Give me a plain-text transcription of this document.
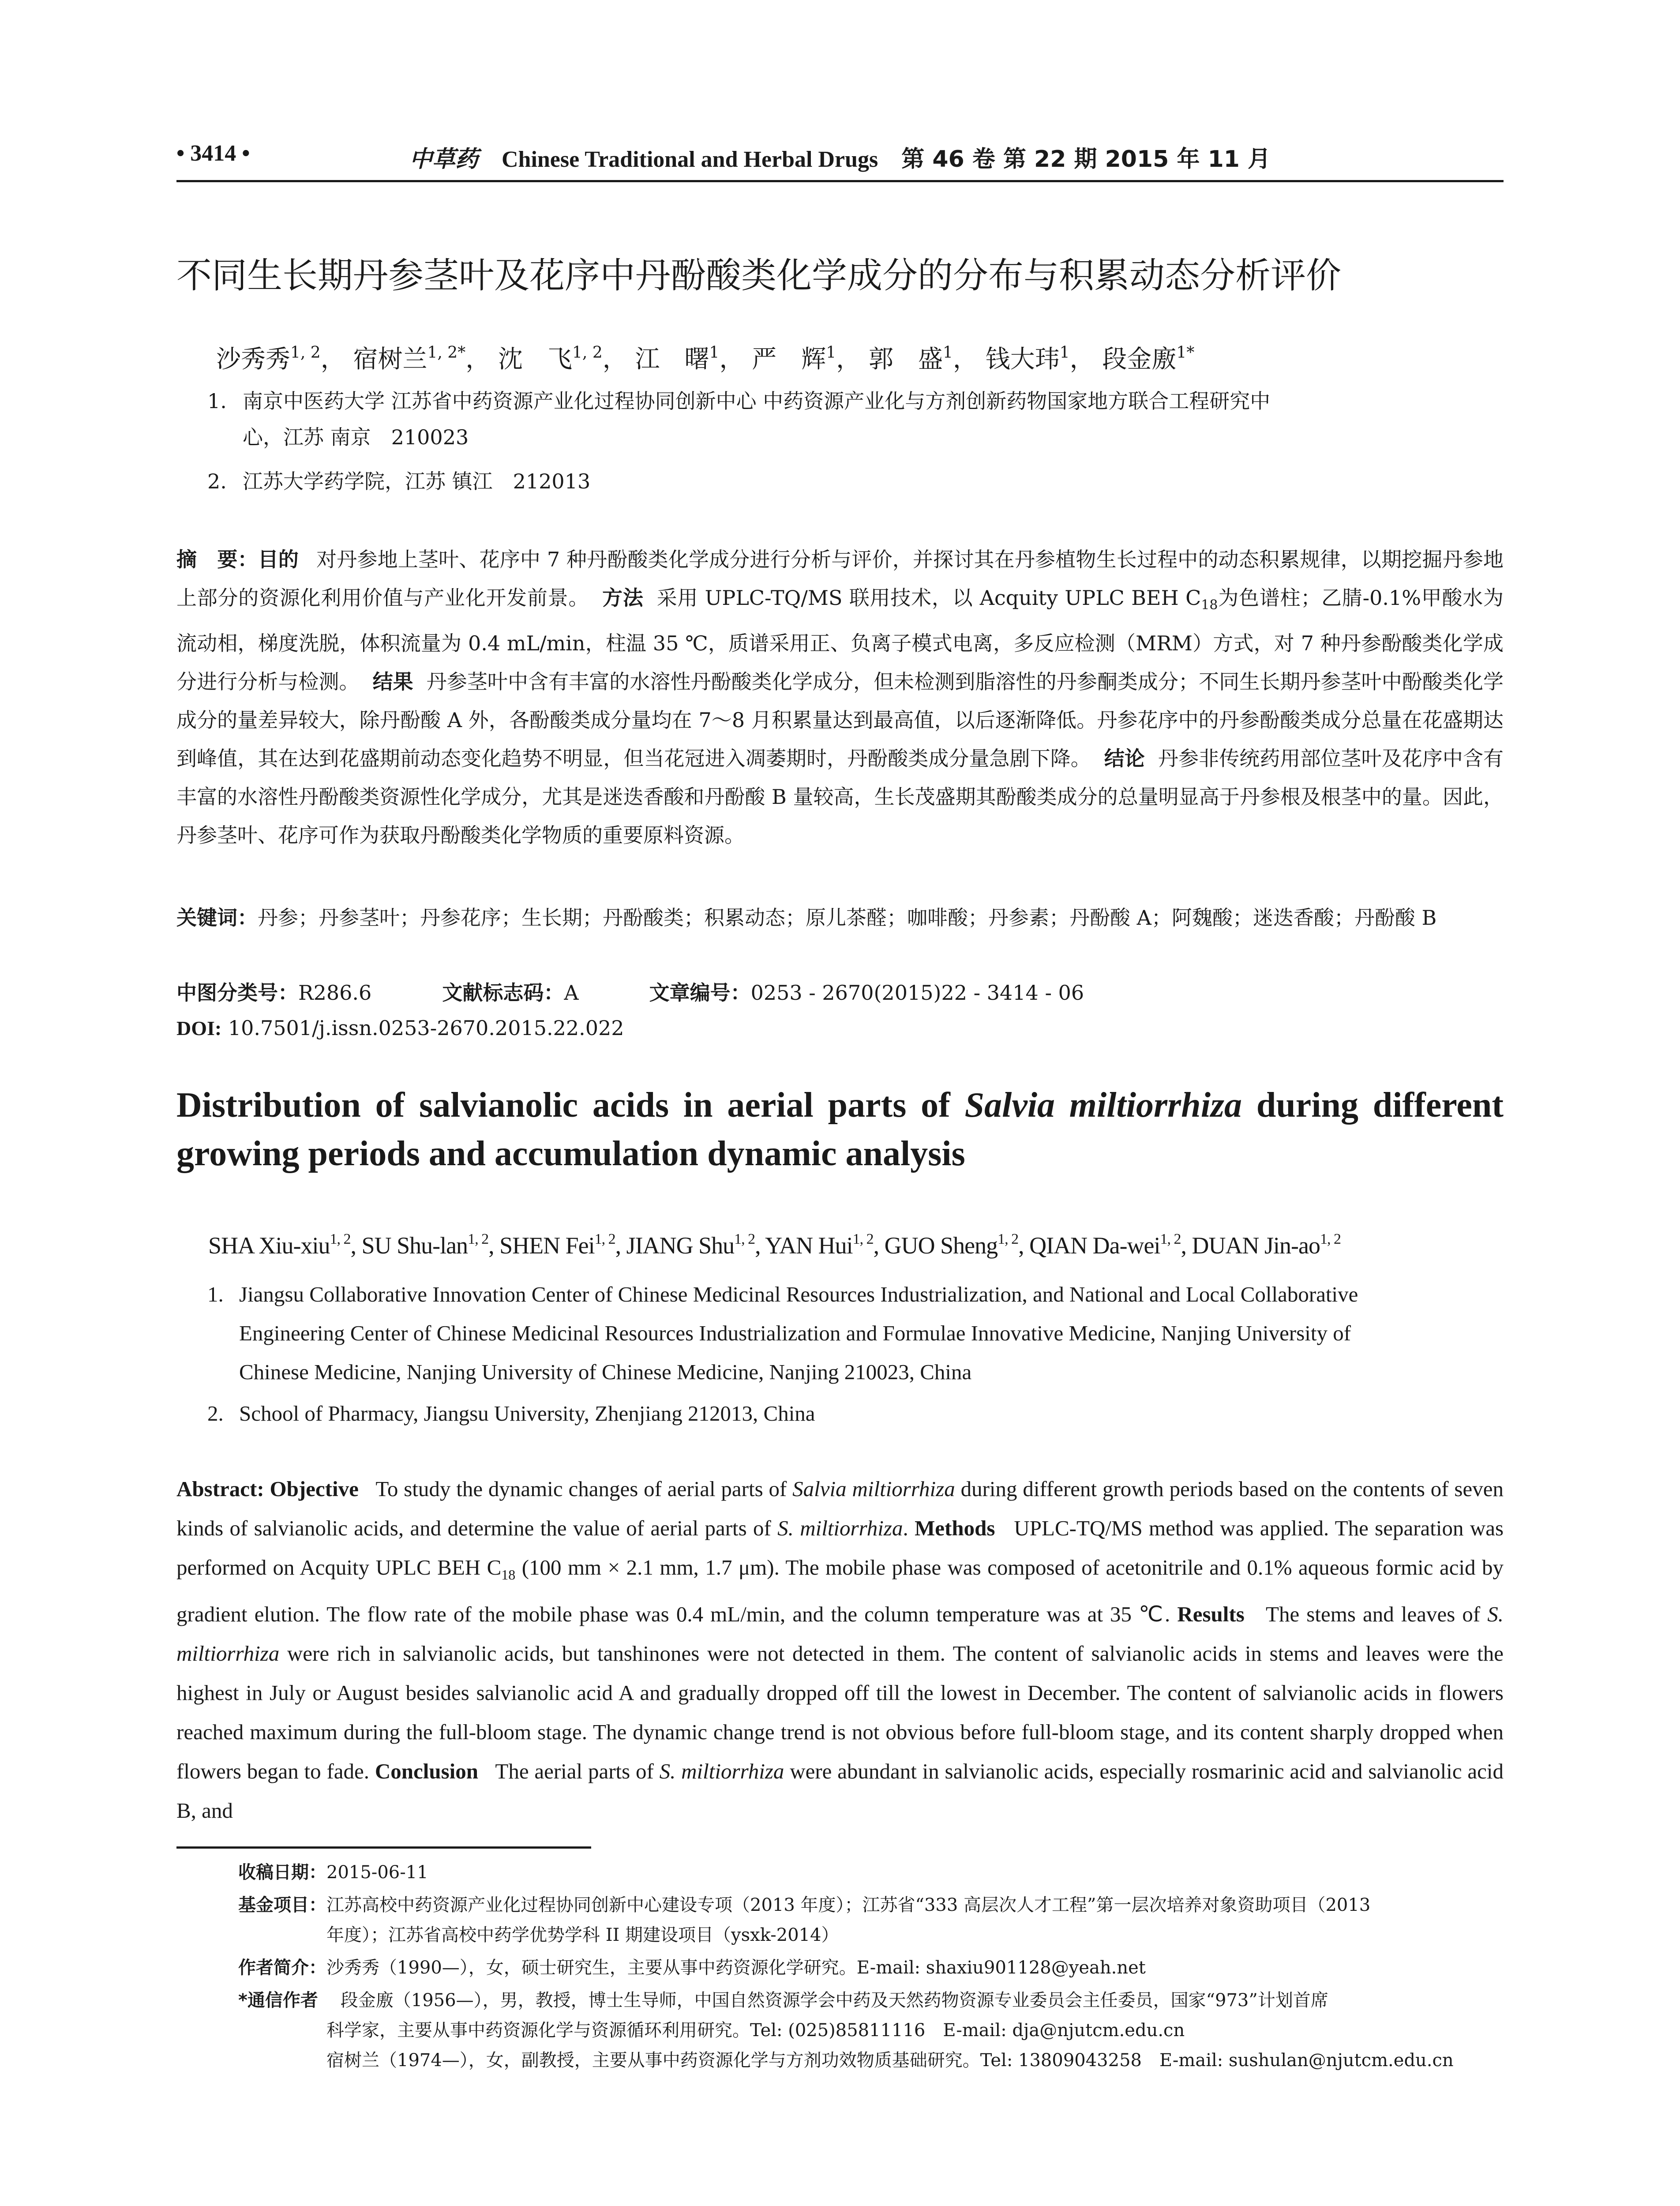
• 3414 •	中草药 Chinese Traditional and Herbal Drugs 第 46 卷 第 22 期 2015 年 11 月
不同生长期丹参茎叶及花序中丹酚酸类化学成分的分布与积累动态分析评价
沙秀秀$^{1, 2}$， 宿树兰$^{1, 2*}$， 沈　飞$^{1, 2}$， 江　曙$^1$， 严　辉$^1$， 郭　盛$^1$， 钱大玮$^1$， 段金廒$^{1*}$
1. 南京中医药大学 江苏省中药资源产业化过程协同创新中心 中药资源产业化与方剂创新药物国家地方联合工程研究中
心，江苏 南京　210023
2. 江苏大学药学院，江苏 镇江　212013
摘　要：目的 对丹参地上茎叶、花序中 7 种丹酚酸类化学成分进行分析与评价，并探讨其在丹参植物生长过程中的动态积累规律，以期挖掘丹参地上部分的资源化利用价值与产业化开发前景。 方法 采用 UPLC-TQ/MS 联用技术，以 Acquity UPLC BEH $C_{18}$为色谱柱；乙腈-0.1%甲酸水为流动相，梯度洗脱，体积流量为 0.4 mL/min，柱温 35 ℃，质谱采用正、负离子模式电离，多反应检测（MRM）方式，对 7 种丹参酚酸类化学成分进行分析与检测。 结果 丹参茎叶中含有丰富的水溶性丹酚酸类化学成分，但未检测到脂溶性的丹参酮类成分；不同生长期丹参茎叶中酚酸类化学成分的量差异较大，除丹酚酸 A 外，各酚酸类成分量均在 7～8 月积累量达到最高值，以后逐渐降低。丹参花序中的丹参酚酸类成分总量在花盛期达到峰值，其在达到花盛期前动态变化趋势不明显，但当花冠进入凋萎期时，丹酚酸类成分量急剧下降。 结论 丹参非传统药用部位茎叶及花序中含有丰富的水溶性丹酚酸类资源性化学成分，尤其是迷迭香酸和丹酚酸 B 量较高，生长茂盛期其酚酸类成分的总量明显高于丹参根及根茎中的量。因此，丹参茎叶、花序可作为获取丹酚酸类化学物质的重要原料资源。
关键词：丹参；丹参茎叶；丹参花序；生长期；丹酚酸类；积累动态；原儿茶醛；咖啡酸；丹参素；丹酚酸 A；阿魏酸；迷迭香酸；丹酚酸 B
中图分类号：R286.6	文献标志码：A	文章编号：0253 - 2670(2015)22 - 3414 - 06
DOI: 10.7501/j.issn.0253-2670.2015.22.022
Distribution of salvianolic acids in aerial parts of Salvia miltiorrhiza during different growing periods and accumulation dynamic analysis
SHA Xiu-xiu$^{1, 2}$, SU Shu-lan$^{1, 2}$, SHEN Fei$^{1, 2}$, JIANG Shu$^{1, 2}$, YAN Hui$^{1, 2}$, GUO Sheng$^{1, 2}$, QIAN Da-wei$^{1, 2}$, DUAN Jin-ao$^{1, 2}$
1. Jiangsu Collaborative Innovation Center of Chinese Medicinal Resources Industrialization, and National and Local Collaborative
Engineering Center of Chinese Medicinal Resources Industrialization and Formulae Innovative Medicine, Nanjing University of
Chinese Medicine, Nanjing University of Chinese Medicine, Nanjing 210023, China
2. School of Pharmacy, Jiangsu University, Zhenjiang 212013, China
Abstract: Objective To study the dynamic changes of aerial parts of Salvia miltiorrhiza during different growth periods based on the contents of seven kinds of salvianolic acids, and determine the value of aerial parts of S. miltiorrhiza. Methods UPLC-TQ/MS method was applied. The separation was performed on Acquity UPLC BEH $C_{18}$ (100 mm × 2.1 mm, 1.7 μm). The mobile phase was composed of acetonitrile and 0.1% aqueous formic acid by gradient elution. The flow rate of the mobile phase was 0.4 mL/min, and the column temperature was at 35 ℃. Results The stems and leaves of S. miltiorrhiza were rich in salvianolic acids, but tanshinones were not detected in them. The content of salvianolic acids in stems and leaves were the highest in July or August besides salvianolic acid A and gradually dropped off till the lowest in December. The content of salvianolic acids in flowers reached maximum during the full-bloom stage. The dynamic change trend is not obvious before full-bloom stage, and its content sharply dropped when flowers began to fade. Conclusion The aerial parts of S. miltiorrhiza were abundant in salvianolic acids, especially rosmarinic acid and salvianolic acid B, and
收稿日期：2015-06-11
基金项目：江苏高校中药资源产业化过程协同创新中心建设专项（2013 年度）；江苏省“333 高层次人才工程”第一层次培养对象资助项目（2013
年度）；江苏省高校中药学优势学科 II 期建设项目（ysxk-2014）
作者简介：沙秀秀（1990—），女，硕士研究生，主要从事中药资源化学研究。E-mail: shaxiu901128@yeah.net
*通信作者 段金廒（1956—），男，教授，博士生导师，中国自然资源学会中药及天然药物资源专业委员会主任委员，国家“973”计划首席
科学家，主要从事中药资源化学与资源循环利用研究。Tel: (025)85811116　E-mail: dja@njutcm.edu.cn
宿树兰（1974—），女，副教授，主要从事中药资源化学与方剂功效物质基础研究。Tel: 13809043258　E-mail: sushulan@njutcm.edu.cn
